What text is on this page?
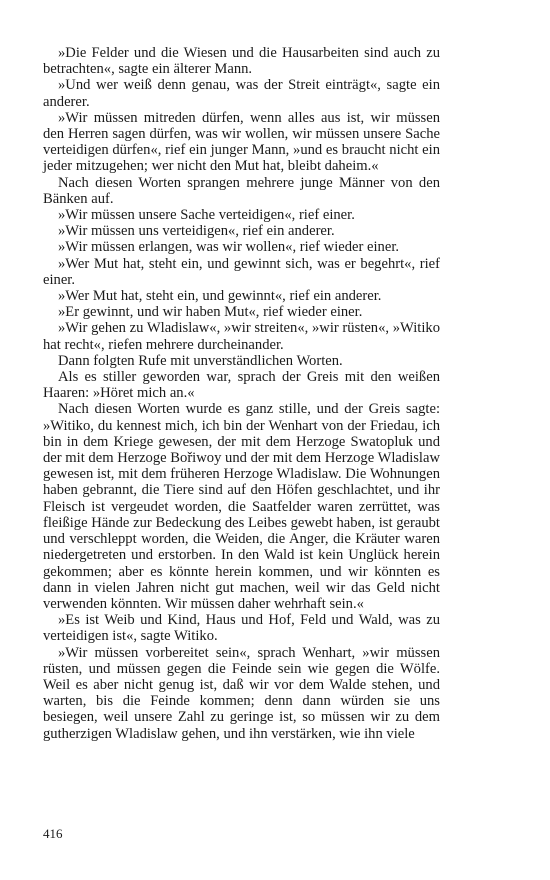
»Die Felder und die Wiesen und die Hausarbeiten sind auch zu betrachten«, sagte ein älterer Mann.

»Und wer weiß denn genau, was der Streit einträgt«, sagte ein anderer.

»Wir müssen mitreden dürfen, wenn alles aus ist, wir müssen den Herren sagen dürfen, was wir wollen, wir müssen unsere Sache verteidigen dürfen«, rief ein junger Mann, »und es braucht nicht ein jeder mitzugehen; wer nicht den Mut hat, bleibt daheim.«

Nach diesen Worten sprangen mehrere junge Männer von den Bänken auf.

»Wir müssen unsere Sache verteidigen«, rief einer.

»Wir müssen uns verteidigen«, rief ein anderer.

»Wir müssen erlangen, was wir wollen«, rief wieder einer.

»Wer Mut hat, steht ein, und gewinnt sich, was er begehrt«, rief einer.

»Wer Mut hat, steht ein, und gewinnt«, rief ein anderer.

»Er gewinnt, und wir haben Mut«, rief wieder einer.

»Wir gehen zu Wladislaw«, »wir streiten«, »wir rüsten«, »Witiko hat recht«, riefen mehrere durcheinander.

Dann folgten Rufe mit unverständlichen Worten.

Als es stiller geworden war, sprach der Greis mit den weißen Haaren: »Höret mich an.«

Nach diesen Worten wurde es ganz stille, und der Greis sagte: »Witiko, du kennest mich, ich bin der Wenhart von der Friedau, ich bin in dem Kriege gewesen, der mit dem Herzoge Swatopluk und der mit dem Herzoge Bořiwoy und der mit dem Herzoge Wladislaw gewesen ist, mit dem früheren Herzoge Wladislaw. Die Wohnungen haben gebrannt, die Tiere sind auf den Höfen geschlachtet, und ihr Fleisch ist vergeudet worden, die Saatfelder waren zerrüttet, was fleißige Hände zur Bedeckung des Leibes gewebt haben, ist geraubt und verschleppt worden, die Weiden, die Anger, die Kräuter waren niedergetreten und erstorben. In den Wald ist kein Unglück herein gekommen; aber es könnte herein kommen, und wir könnten es dann in vielen Jahren nicht gut machen, weil wir das Geld nicht verwenden könnten. Wir müssen daher wehrhaft sein.«

»Es ist Weib und Kind, Haus und Hof, Feld und Wald, was zu verteidigen ist«, sagte Witiko.

»Wir müssen vorbereitet sein«, sprach Wenhart, »wir müssen rüsten, und müssen gegen die Feinde sein wie gegen die Wölfe. Weil es aber nicht genug ist, daß wir vor dem Walde stehen, und warten, bis die Feinde kommen; denn dann würden sie uns besiegen, weil unsere Zahl zu geringe ist, so müssen wir zu dem gutherzigen Wladislaw gehen, und ihn verstärken, wie ihn viele

416
